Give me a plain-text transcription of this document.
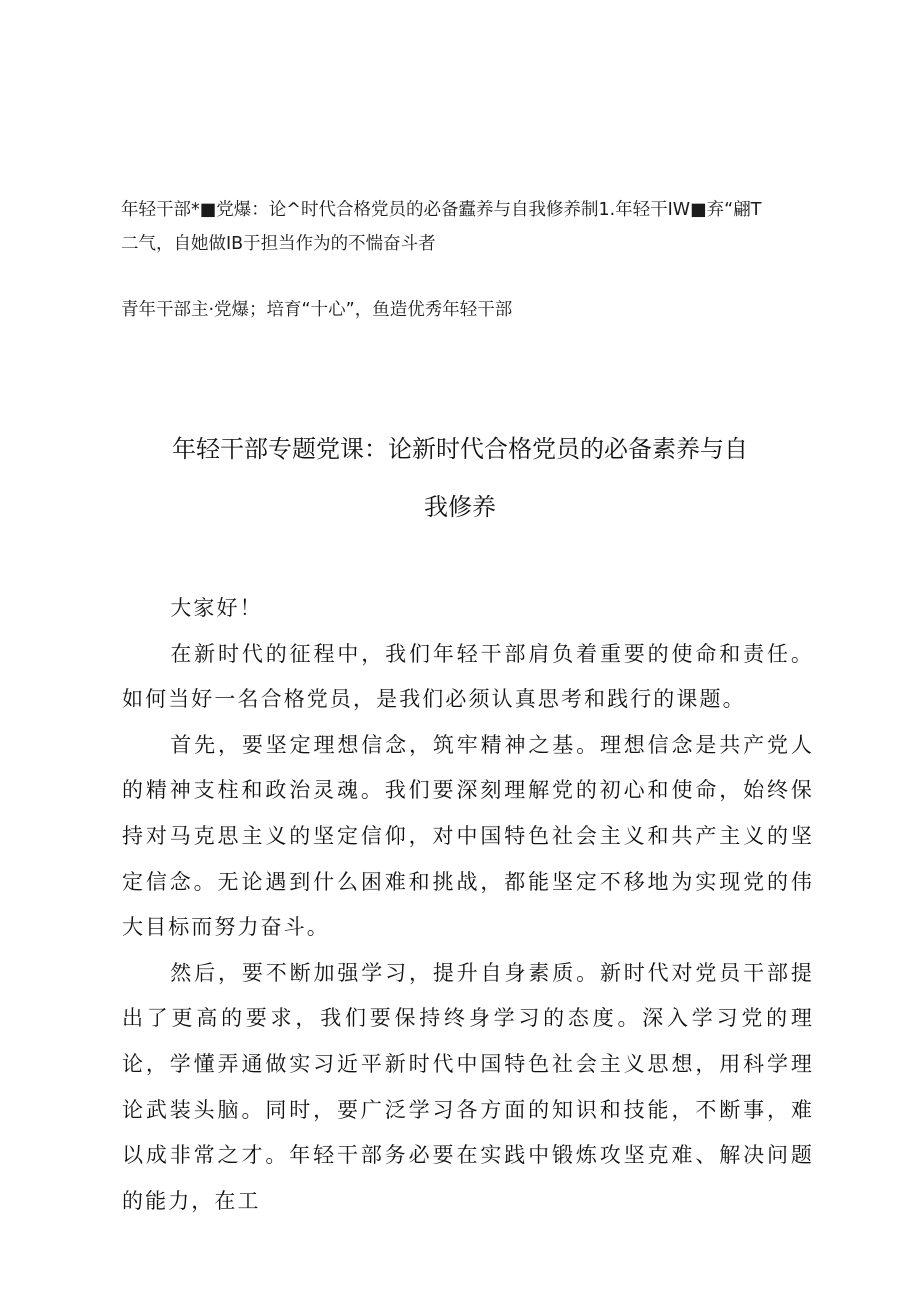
年轻干部*■党爆：论^时代合格党员的必备蠹养与自我修养制1.年轻干IW■弃“翩T
二气，自她做IB于担当作为的不惴奋斗者
青年干部主·党爆；培育“十心”，鱼造优秀年轻干部
年轻干部专题党课：论新时代合格党员的必备素养与自
我修养

大家好！

在新时代的征程中，我们年轻干部肩负着重要的使命和责任。如何当好一名合格党员，是我们必须认真思考和践行的课题。

首先，要坚定理想信念，筑牢精神之基。理想信念是共产党人的精神支柱和政治灵魂。我们要深刻理解党的初心和使命，始终保持对马克思主义的坚定信仰，对中国特色社会主义和共产主义的坚定信念。无论遇到什么困难和挑战，都能坚定不移地为实现党的伟大目标而努力奋斗。

然后，要不断加强学习，提升自身素质。新时代对党员干部提出了更高的要求，我们要保持终身学习的态度。深入学习党的理论，学懂弄通做实习近平新时代中国特色社会主义思想，用科学理论武装头脑。同时，要广泛学习各方面的知识和技能，不断事，难以成非常之才。年轻干部务必要在实践中锻炼攻坚克难、解决问题的能力，在工
